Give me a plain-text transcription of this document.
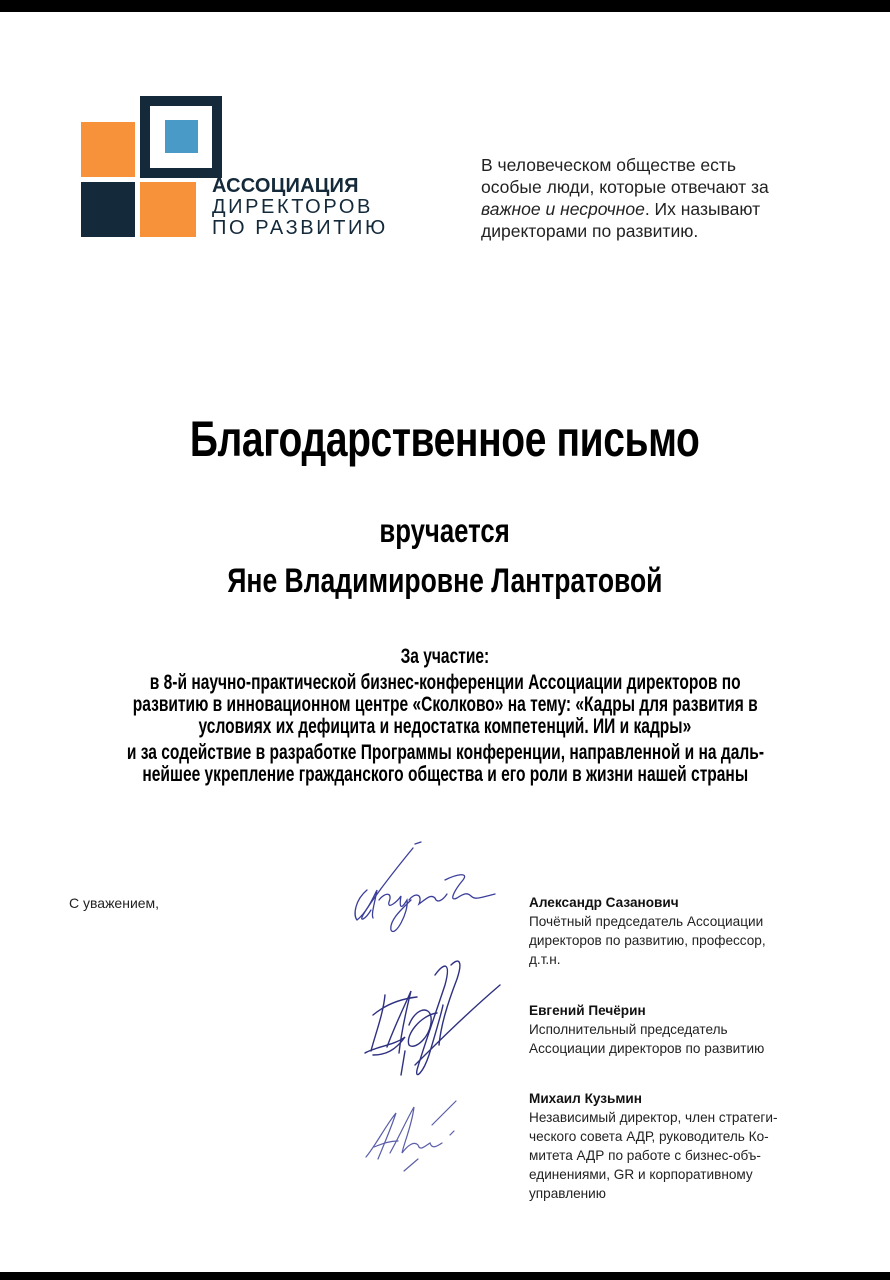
АССОЦИАЦИЯ
ДИРЕКТОРОВ
ПО РАЗВИТИЮ
В человеческом обществе есть
особые люди, которые отвечают за
важное и несрочное. Их называют
директорами по развитию.
Благодарственное письмо
вручается
Яне Владимировне Лантратовой
За участие:
в 8-й научно-практической бизнес-конференции Ассоциации директоров по
развитию в инновационном центре «Сколково» на тему: «Кадры для развития в
условиях их дефицита и недостатка компетенций. ИИ и кадры»
и за содействие в разработке Программы конференции, направленной и на даль-
нейшее укрепление гражданского общества и его роли в жизни нашей страны
С уважением,	Александр Сазанович
Почётный председатель Ассоциации
директоров по развитию, профессор,
д.т.н.
Евгений Печёрин
Исполнительный председатель
Ассоциации директоров по развитию
Михаил Кузьмин
Независимый директор, член стратеги-
ческого совета АДР, руководитель Ко-
митета АДР по работе с бизнес-объ-
единениями, GR и корпоративному
управлению
